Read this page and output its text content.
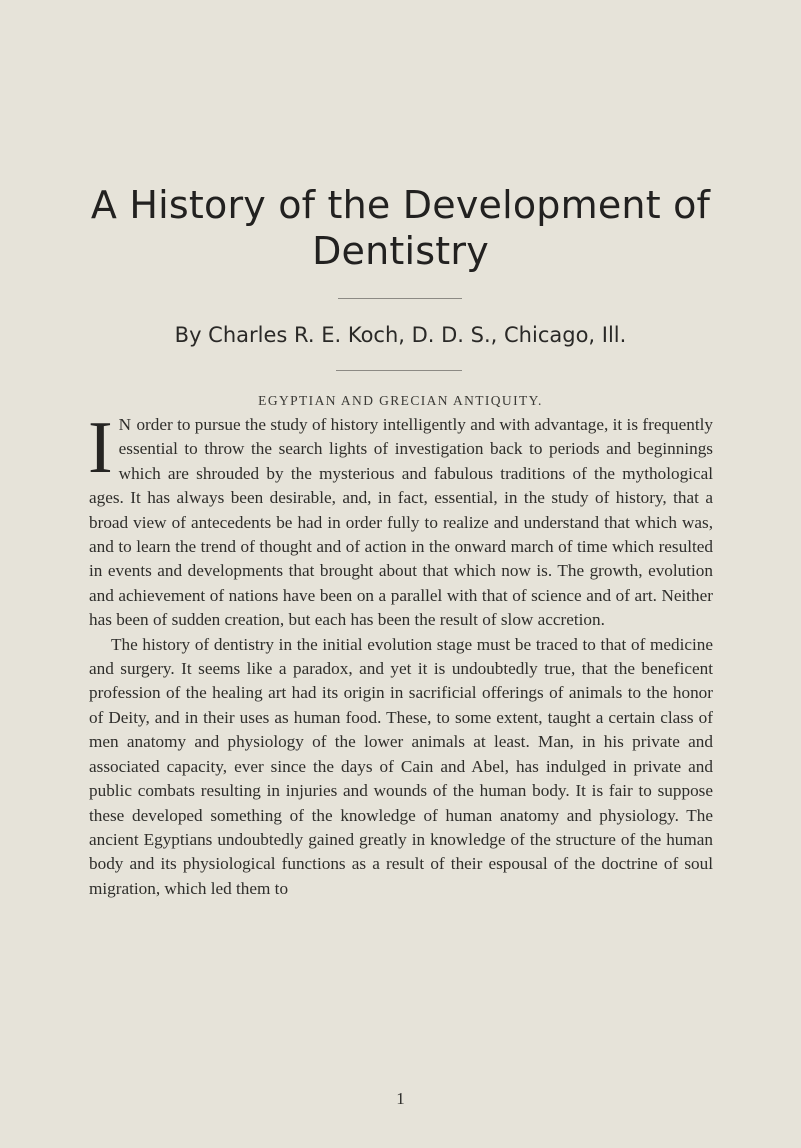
A History of the Development of Dentistry
By Charles R. E. Koch, D. D. S., Chicago, Ill.
EGYPTIAN AND GRECIAN ANTIQUITY.

I N order to pursue the study of history intelligently and with advantage, it is frequently essential to throw the search lights of investigation back to periods and beginnings which are shrouded by the mysterious and fabulous traditions of the mythological ages. It has always been desirable, and, in fact, essential, in the study of history, that a broad view of antecedents be had in order fully to realize and understand that which was, and to learn the trend of thought and of action in the onward march of time which resulted in events and developments that brought about that which now is. The growth, evolution and achievement of nations have been on a parallel with that of science and of art. Neither has been of sudden creation, but each has been the result of slow accretion.

The history of dentistry in the initial evolution stage must be traced to that of medicine and surgery. It seems like a paradox, and yet it is undoubtedly true, that the beneficent profession of the healing art had its origin in sacrificial offerings of animals to the honor of Deity, and in their uses as human food. These, to some extent, taught a certain class of men anatomy and physiology of the lower animals at least. Man, in his private and associated capacity, ever since the days of Cain and Abel, has indulged in private and public combats resulting in injuries and wounds of the human body. It is fair to suppose these developed something of the knowledge of human anatomy and physiology. The ancient Egyptians undoubtedly gained greatly in knowledge of the structure of the human body and its physiological functions as a result of their espousal of the doctrine of soul migration, which led them to

1
